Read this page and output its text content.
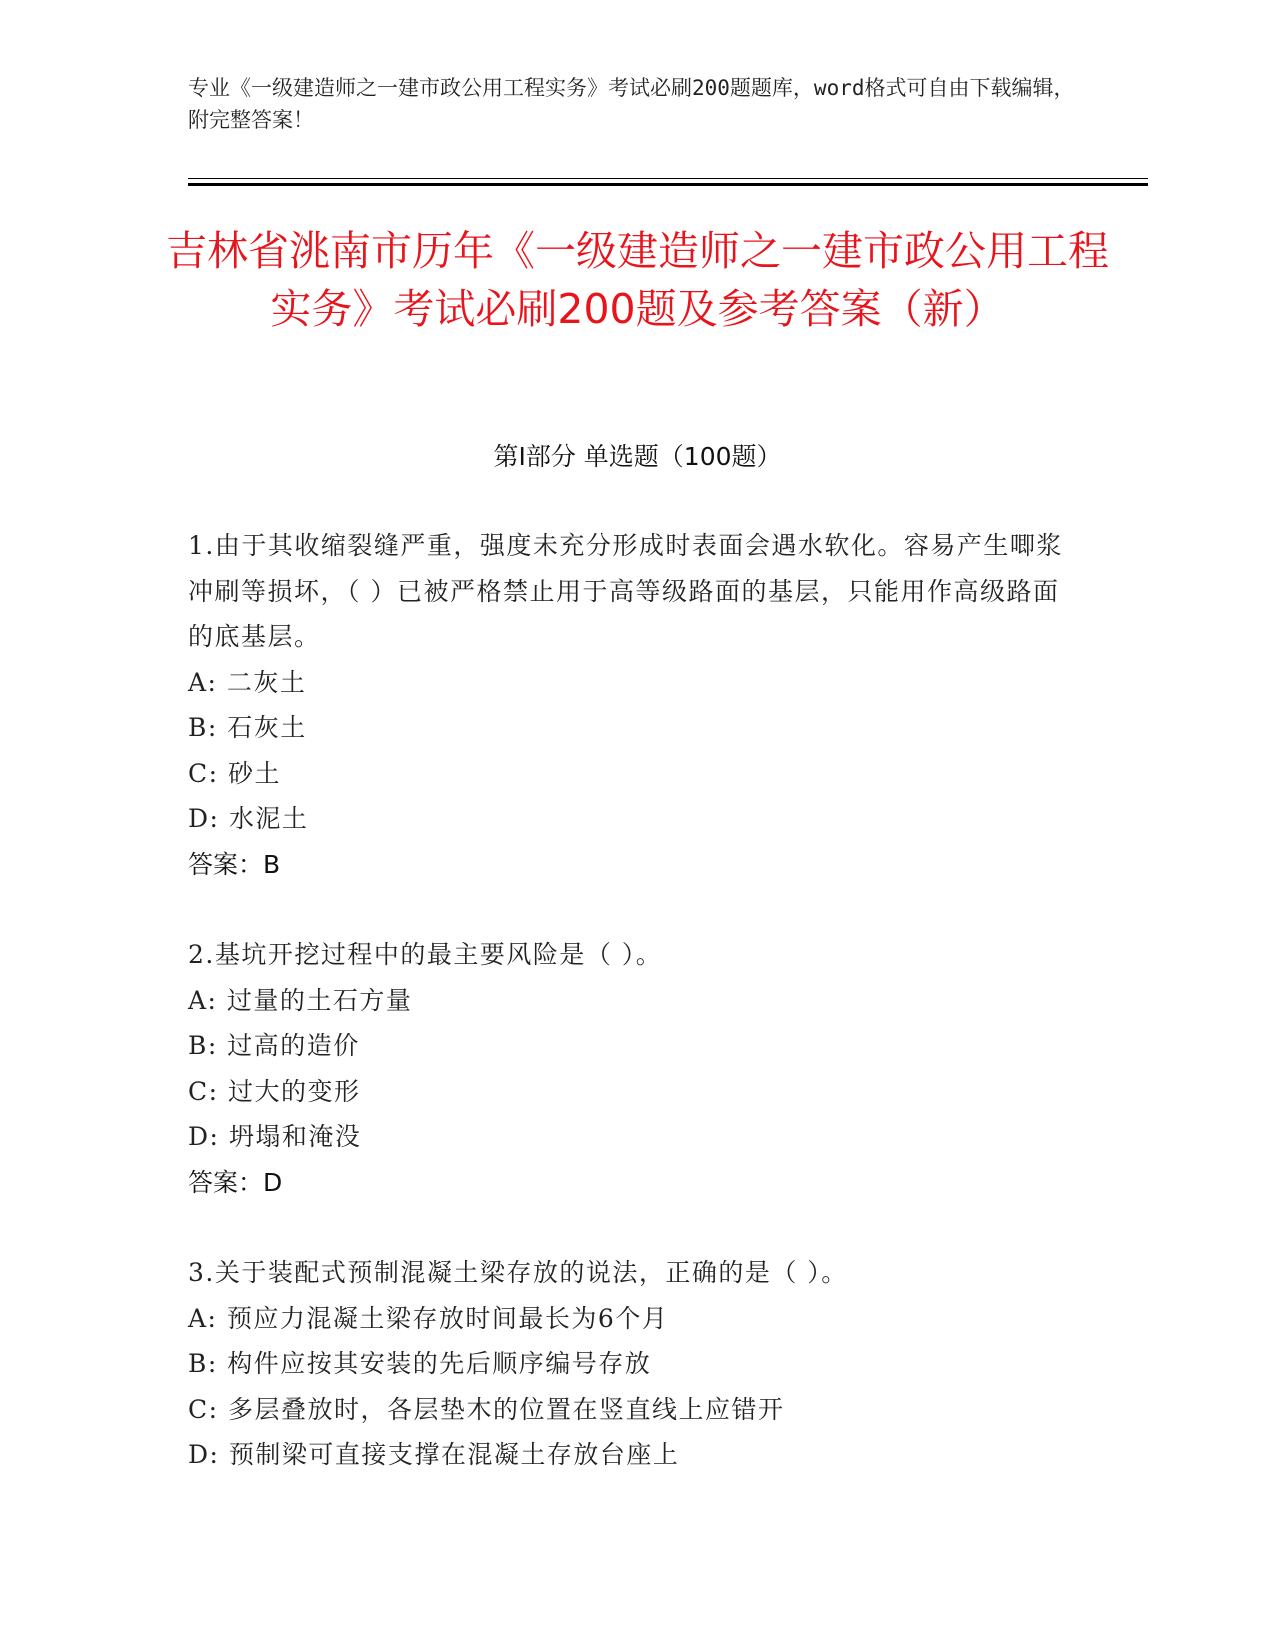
专业《一级建造师之一建市政公用工程实务》考试必刷200题题库，word格式可自由下载编辑，附完整答案！
吉林省洮南市历年《一级建造师之一建市政公用工程实务》考试必刷200题及参考答案（新）
第Ⅰ部分 单选题（100题）

1.由于其收缩裂缝严重，强度未充分形成时表面会遇水软化。容易产生唧浆冲刷等损坏，（ ）已被严格禁止用于高等级路面的基层，只能用作高级路面的底基层。

A: 二灰土

B: 石灰土

C: 砂土

D: 水泥土

答案：B

2.基坑开挖过程中的最主要风险是（ ）。

A: 过量的土石方量

B: 过高的造价

C: 过大的变形

D: 坍塌和淹没

答案：D

3.关于装配式预制混凝土梁存放的说法，正确的是（ ）。

A: 预应力混凝土梁存放时间最长为6个月

B: 构件应按其安装的先后顺序编号存放

C: 多层叠放时，各层垫木的位置在竖直线上应错开

D: 预制梁可直接支撑在混凝土存放台座上
